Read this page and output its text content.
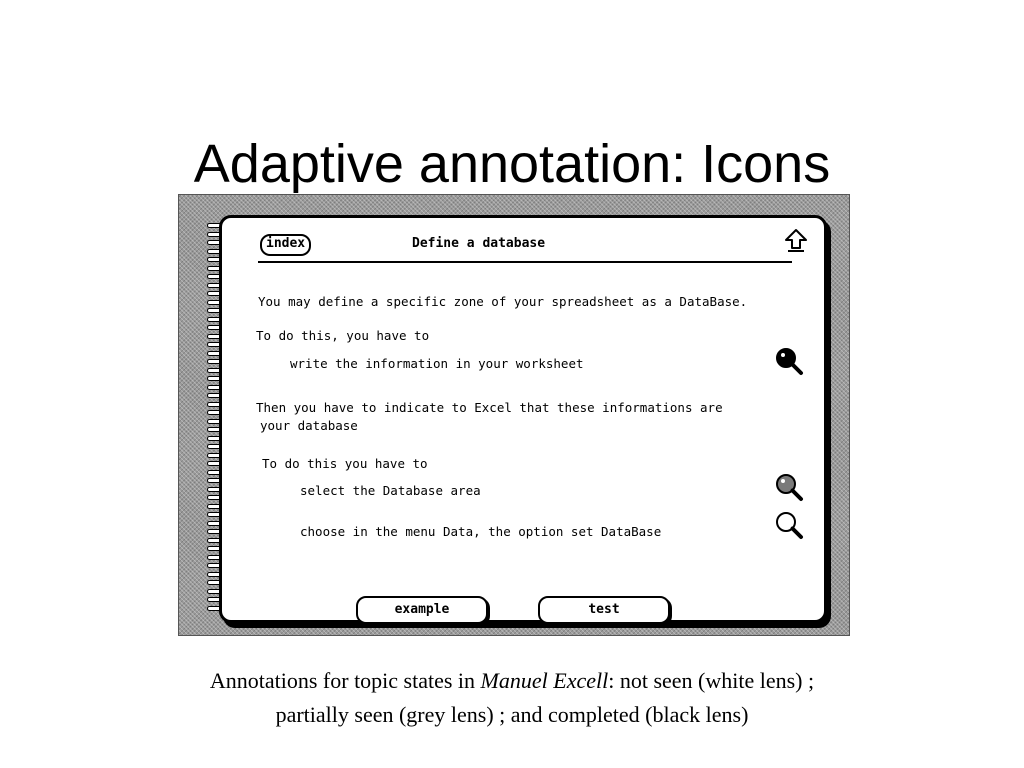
Adaptive annotation: Icons
index	Define a database
You may define a specific zone of your spreadsheet as a DataBase.
To do this, you have to
write the information in your worksheet
Then you have to indicate to Excel that these informations are
your database
To do this you have to
select the Database area
choose in the menu Data, the option set DataBase
example	test
Annotations for topic states in Manuel Excell: not seen (white lens) ;
partially seen (grey lens) ; and completed (black lens)
